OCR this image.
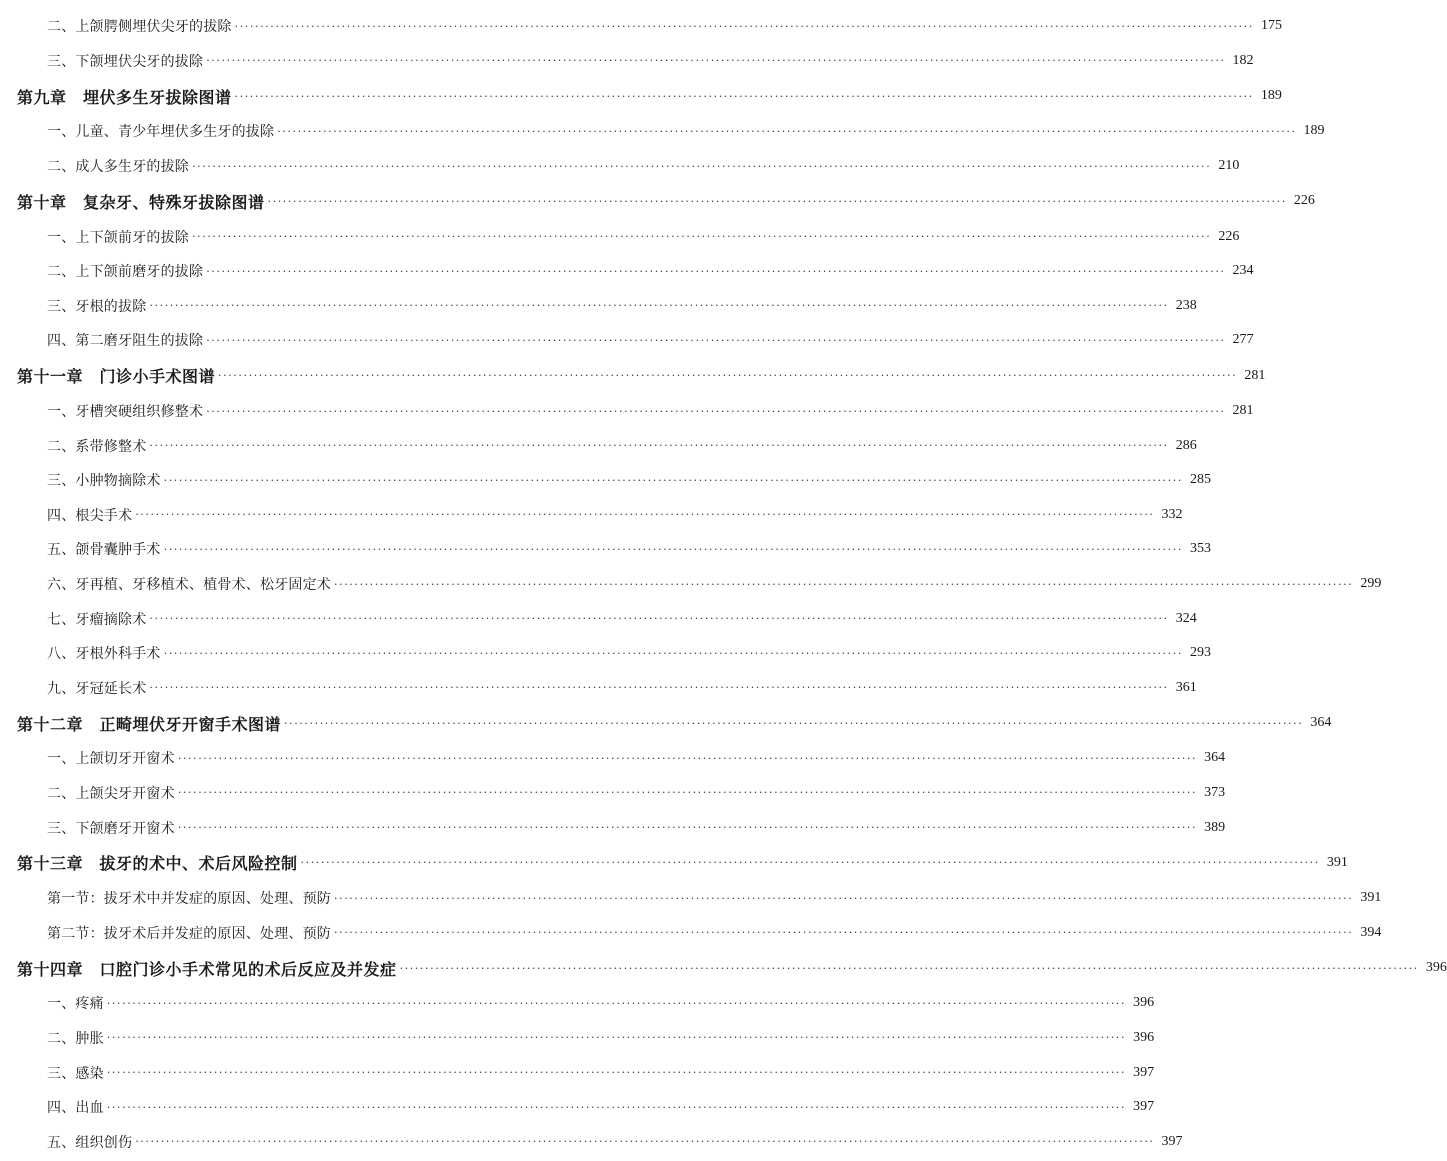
二、上颌腭侧埋伏尖牙的拔除 ········································································································································································································ 175
三、下颌埋伏尖牙的拔除 ········································································································································································································ 182
第九章　埋伏多生牙拔除图谱 ········································································································································································································ 189
一、儿童、青少年埋伏多生牙的拔除 ········································································································································································································ 189
二、成人多生牙的拔除 ········································································································································································································ 210
第十章　复杂牙、特殊牙拔除图谱 ········································································································································································································ 226
一、上下颌前牙的拔除 ········································································································································································································ 226
二、上下颌前磨牙的拔除 ········································································································································································································ 234
三、牙根的拔除 ········································································································································································································ 238
四、第二磨牙阻生的拔除 ········································································································································································································ 277
第十一章　门诊小手术图谱 ········································································································································································································ 281
一、牙槽突硬组织修整术 ········································································································································································································ 281
二、系带修整术 ········································································································································································································ 286
三、小肿物摘除术 ········································································································································································································ 285
四、根尖手术 ········································································································································································································ 332
五、颌骨囊肿手术 ········································································································································································································ 353
六、牙再植、牙移植术、植骨术、松牙固定术 ········································································································································································································ 299
七、牙瘤摘除术 ········································································································································································································ 324
八、牙根外科手术 ········································································································································································································ 293
九、牙冠延长术 ········································································································································································································ 361
第十二章　正畸埋伏牙开窗手术图谱 ········································································································································································································ 364
一、上颌切牙开窗术 ········································································································································································································ 364
二、上颌尖牙开窗术 ········································································································································································································ 373
三、下颌磨牙开窗术 ········································································································································································································ 389
第十三章　拔牙的术中、术后风险控制 ········································································································································································································ 391
第一节：拔牙术中并发症的原因、处理、预防 ········································································································································································································ 391
第二节：拔牙术后并发症的原因、处理、预防 ········································································································································································································ 394
第十四章　口腔门诊小手术常见的术后反应及并发症 ········································································································································································································ 396
一、疼痛 ········································································································································································································ 396
二、肿胀 ········································································································································································································ 396
三、感染 ········································································································································································································ 397
四、出血 ········································································································································································································ 397
五、组织创伤 ········································································································································································································ 397
